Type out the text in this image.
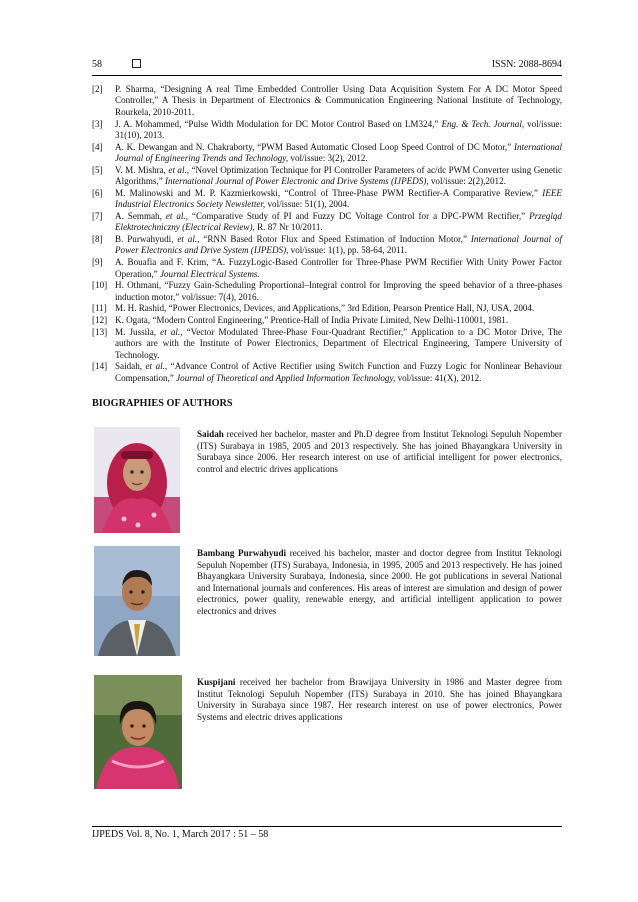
58	ISSN: 2088-8694
[2] P. Sharma, “Designing A real Time Embedded Controller Using Data Acquisition System For A DC Motor Speed Controller,” A Thesis in Department of Electronics & Communication Engineering National Institute of Technology, Rourkela, 2010-2011.
[3] J. A. Mohammed, “Pulse Width Modulation for DC Motor Control Based on LM324,” Eng. & Tech. Journal, vol/issue: 31(10), 2013.
[4] A. K. Dewangan and N. Chakraborty, “PWM Based Automatic Closed Loop Speed Control of DC Motor,” International Journal of Engineering Trends and Technology, vol/issue: 3(2), 2012.
[5] V. M. Mishra, et al., “Novel Optimization Technique for PI Controller Parameters of ac/dc PWM Converter using Genetic Algorithms,” International Journal of Power Electronic and Drive Systems (IJPEDS), vol/issue: 2(2),2012.
[6] M. Malinowski and M. P. Kazmierkowski, “Control of Three-Phase PWM Rectifier-A Comparative Review,” IEEE Industrial Electronics Society Newsletter, vol/issue: 51(1), 2004.
[7] A. Semmah, et al., “Comparative Study of PI and Fuzzy DC Voltage Control for a DPC-PWM Rectifier,” Przegląd Elektrotechniczny (Electrical Review), R. 87 Nr 10/2011.
[8] B. Purwahyudi, et al., “RNN Based Rotor Flux and Speed Estimation of Induction Motor,” International Journal of Power Electronics and Drive System (IJPEDS), vol/issue: 1(1), pp. 58-64, 2011.
[9] A. Bouafia and F. Krim, “A. FuzzyLogic-Based Controller for Three-Phase PWM Rectifier With Unity Power Factor Operation,” Journal Electrical Systems.
[10] H. Othmani, “Fuzzy Gain-Scheduling Proportional–Integral control for Improving the speed behavior of a three-phases induction motor,” vol/issue: 7(4), 2016.
[11] M. H. Rashid, “Power Electronics, Devices, and Applications,” 3rd Edition, Pearson Prentice Hall, NJ, USA, 2004.
[12] K. Ogata, “Modern Control Engineering,” Prentice-Hall of India Private Limited, New Delhi-110001, 1981.
[13] M. Jussila, et al., “Vector Modulated Three-Phase Four-Quadrant Rectifier,” Application to a DC Motor Drive, The authors are with the Institute of Power Electronics, Department of Electrical Engineering, Tampere University of Technology.
[14] Saidah, et al., “Advance Control of Active Rectifier using Switch Function and Fuzzy Logic for Nonlinear Behaviour Compensation,” Journal of Theoretical and Applied Information Technology, vol/issue: 41(X), 2012.
BIOGRAPHIES OF AUTHORS
Saidah received her bachelor, master and Ph.D degree from Institut Teknologi Sepuluh Nopember (ITS) Surabaya in 1985, 2005 and 2013 respectively. She has joined Bhayangkara University in Surabaya since 2006. Her research interest on use of artificial intelligent for power electronics, control and electric drives applications
Bambang Purwahyudi received his bachelor, master and doctor degree from Institut Teknologi Sepuluh Nopember (ITS) Surabaya, Indonesia, in 1995, 2005 and 2013 respectively. He has joined Bhayangkara University Surabaya, Indonesia, since 2000. He got publications in several National and International journals and conferences. His areas of interest are simulation and design of power electronics, power quality, renewable energy, and artificial intelligent application to power electronics and drives
Kuspijani received her bachelor from Brawijaya University in 1986 and Master degree from Institut Teknologi Sepuluh Nopember (ITS) Surabaya in 2010. She has joined Bhayangkara University in Surabaya since 1987. Her research interest on use of power electronics, Power Systems and electric drives applications
IJPEDS Vol. 8, No. 1, March 2017 : 51 – 58
